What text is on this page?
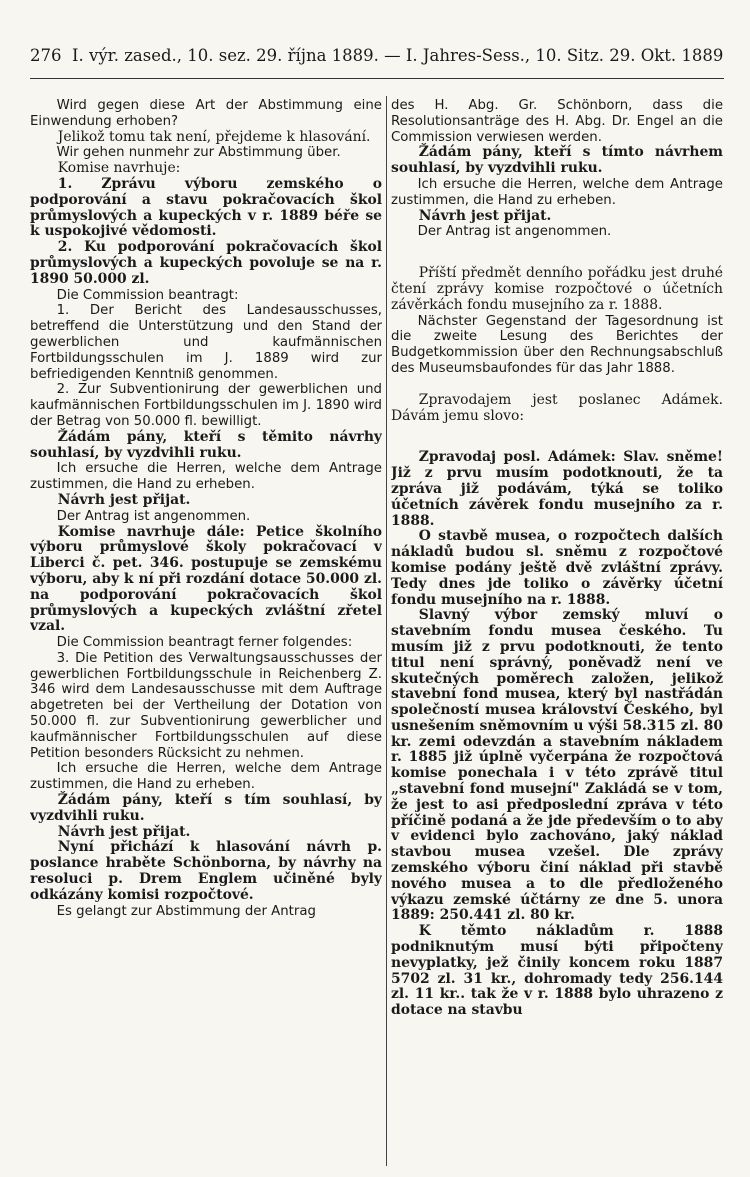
276 I. výr. zased., 10. sez. 29. října 1889. — I. Jahres-Sess., 10. Sitz. 29. Okt. 1889

Wird gegen diese Art der Abstimmung eine Einwendung erhoben?

Jelikož tomu tak není, přejdeme k hlasování.

Wir gehen nunmehr zur Abstimmung über.

Komise navrhuje:

1. Zprávu výboru zemského o podporování a stavu pokračovacích škol průmyslových a kupeckých v r. 1889 béře se k uspokojivé vědomosti.

2. Ku podporování pokračovacích škol průmyslových a kupeckých povoluje se na r. 1890 50.000 zl.

Die Commission beantragt:

1. Der Bericht des Landesausschusses, betreffend die Unterstützung und den Stand der gewerblichen und kaufmännischen Fortbildungsschulen im J. 1889 wird zur befriedigenden Kenntniß genommen.

2. Zur Subventionirung der gewerblichen und kaufmännischen Fortbildungsschulen im J. 1890 wird der Betrag von 50.000 fl. bewilligt.

Žádám pány, kteří s těmito návrhy souhlasí, by vyzdvihli ruku.

Ich ersuche die Herren, welche dem Antrage zustimmen, die Hand zu erheben.

Návrh jest přijat.

Der Antrag ist angenommen.

Komise navrhuje dále: Petice školního výboru průmyslové školy pokračovací v Liberci č. pet. 346. postupuje se zemskému výboru, aby k ní při rozdání dotace 50.000 zl. na podporování pokračovacích škol průmyslových a kupeckých zvláštní zřetel vzal.

Die Commission beantragt ferner folgendes:

3. Die Petition des Verwaltungsausschusses der gewerblichen Fortbildungsschule in Reichenberg Z. 346 wird dem Landesausschusse mit dem Auftrage abgetreten bei der Vertheilung der Dotation von 50.000 fl. zur Subventionirung gewerblicher und kaufmännischer Fortbildungsschulen auf diese Petition besonders Rücksicht zu nehmen.

Ich ersuche die Herren, welche dem Antrage zustimmen, die Hand zu erheben.

Žádám pány, kteří s tím souhlasí, by vyzdvihli ruku.

Návrh jest přijat.

Nyní přichází k hlasování návrh p. poslance hraběte Schönborna, by návrhy na resoluci p. Drem Englem učiněné byly odkázány komisi rozpočtové.

Es gelangt zur Abstimmung der Antrag

des H. Abg. Gr. Schönborn, dass die Resolutionsanträge des H. Abg. Dr. Engel an die Commission verwiesen werden.

Žádám pány, kteří s tímto návrhem souhlasí, by vyzdvihli ruku.

Ich ersuche die Herren, welche dem Antrage zustimmen, die Hand zu erheben.

Návrh jest přijat.

Der Antrag ist angenommen.

Příští předmět denního pořádku jest druhé čtení zprávy komise rozpočtové o účetních závěrkách fondu musejního za r. 1888.

Nächster Gegenstand der Tagesordnung ist die zweite Lesung des Berichtes der Budgetkommission über den Rechnungsabschluß des Museumsbaufondes für das Jahr 1888.

Zpravodajem jest poslanec Adámek. Dávám jemu slovo:

Zpravodaj posl. Adámek: Slav. sněme! Již z prvu musím podotknouti, že ta zpráva již podávám, týká se toliko účetních závěrek fondu musejního za r. 1888.

O stavbě musea, o rozpočtech dalších nákladů budou sl. sněmu z rozpočtové komise podány ještě dvě zvláštní zprávy. Tedy dnes jde toliko o závěrky účetní fondu musejního na r. 1888.

Slavný výbor zemský mluví o stavebním fondu musea českého. Tu musím již z prvu podotknouti, že tento titul není správný, poněvadž není ve skutečných poměrech založen, jelikož stavební fond musea, který byl nastřádán společností musea království Českého, byl usnešením sněmovním u výši 58.315 zl. 80 kr. zemi odevzdán a stavebním nákladem r. 1885 již úplně vyčerpána že rozpočtová komise ponechala i v této zprávě titul „stavební fond musejní" Zakládá se v tom, že jest to asi předposlední zpráva v této příčině podaná a že jde především o to aby v evidenci bylo zachováno, jaký náklad stavbou musea vzešel. Dle zprávy zemského výboru činí náklad při stavbě nového musea a to dle předloženého výkazu zemské účtárny ze dne 5. unora 1889: 250.441 zl. 80 kr.

K těmto nákladům r. 1888 podniknutým musí býti připočteny nevyplatky, jež činily koncem roku 1887 5702 zl. 31 kr., dohromady tedy 256.144 zl. 11 kr.. tak že v r. 1888 bylo uhrazeno z dotace na stavbu
